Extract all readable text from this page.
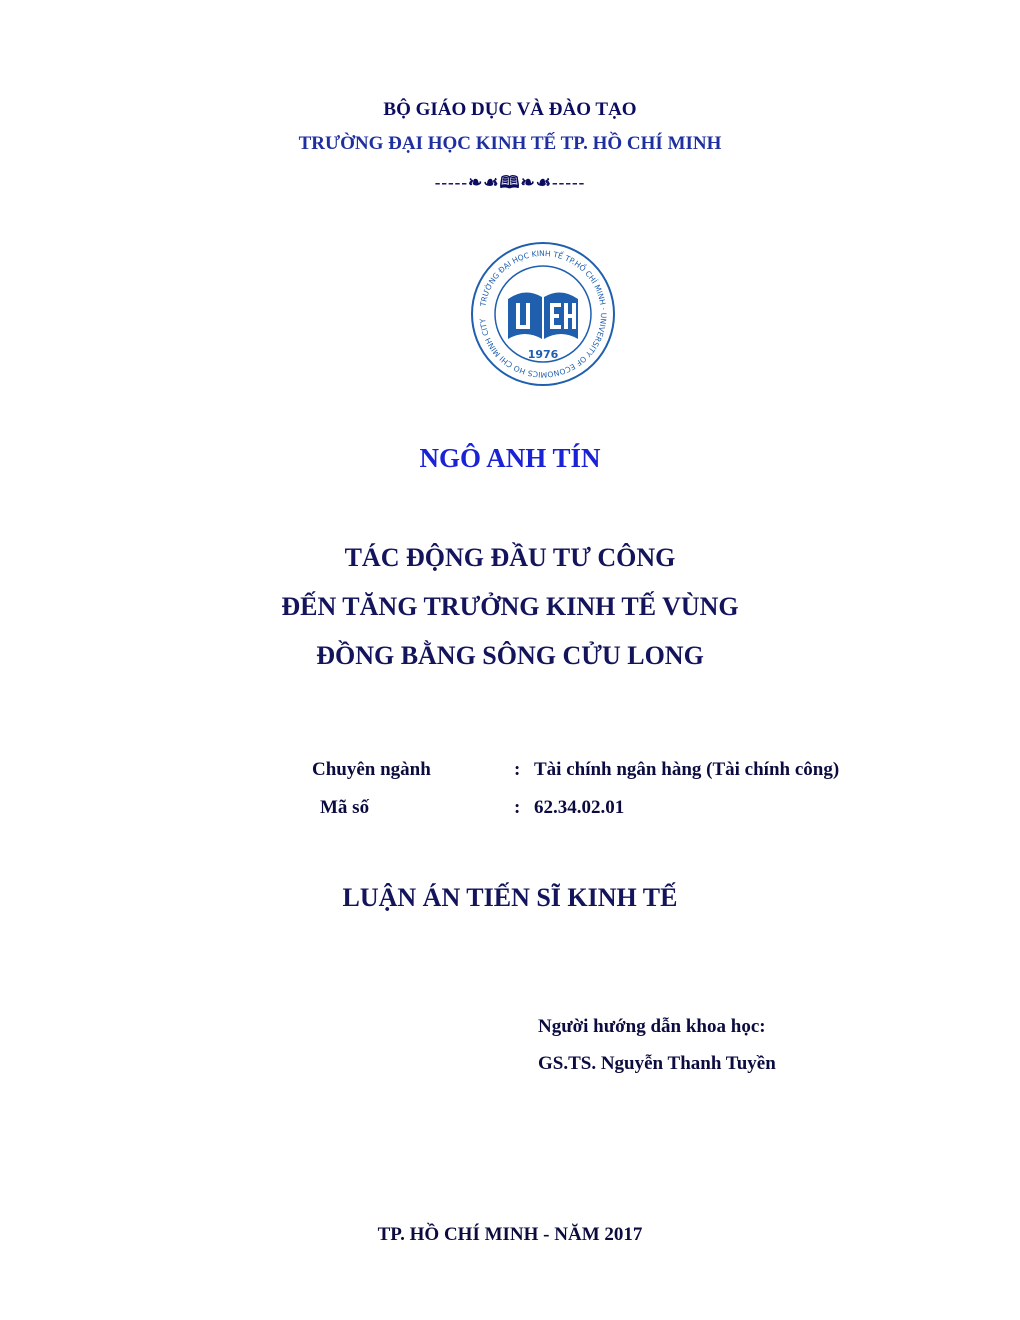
BỘ GIÁO DỤC VÀ ĐÀO TẠO
TRƯỜNG ĐẠI HỌC KINH TẾ TP. HỒ CHÍ MINH
-----❧☙🕮❧☙-----
TRƯỜNG ĐẠI HỌC KINH TẾ TP.HỒ CHÍ MINH · UNIVERSITY OF ECONOMICS HO CHI MINH CITY
1976
NGÔ ANH TÍN
TÁC ĐỘNG ĐẦU TƯ CÔNG
ĐẾN TĂNG TRƯỞNG KINH TẾ VÙNG
ĐỒNG BẰNG SÔNG CỬU LONG
Chuyên ngành	: Tài chính ngân hàng (Tài chính công)
Mã số	: 62.34.02.01
LUẬN ÁN TIẾN SĨ KINH TẾ
Người hướng dẫn khoa học:
GS.TS. Nguyễn Thanh Tuyền
TP. HỒ CHÍ MINH - NĂM 2017
